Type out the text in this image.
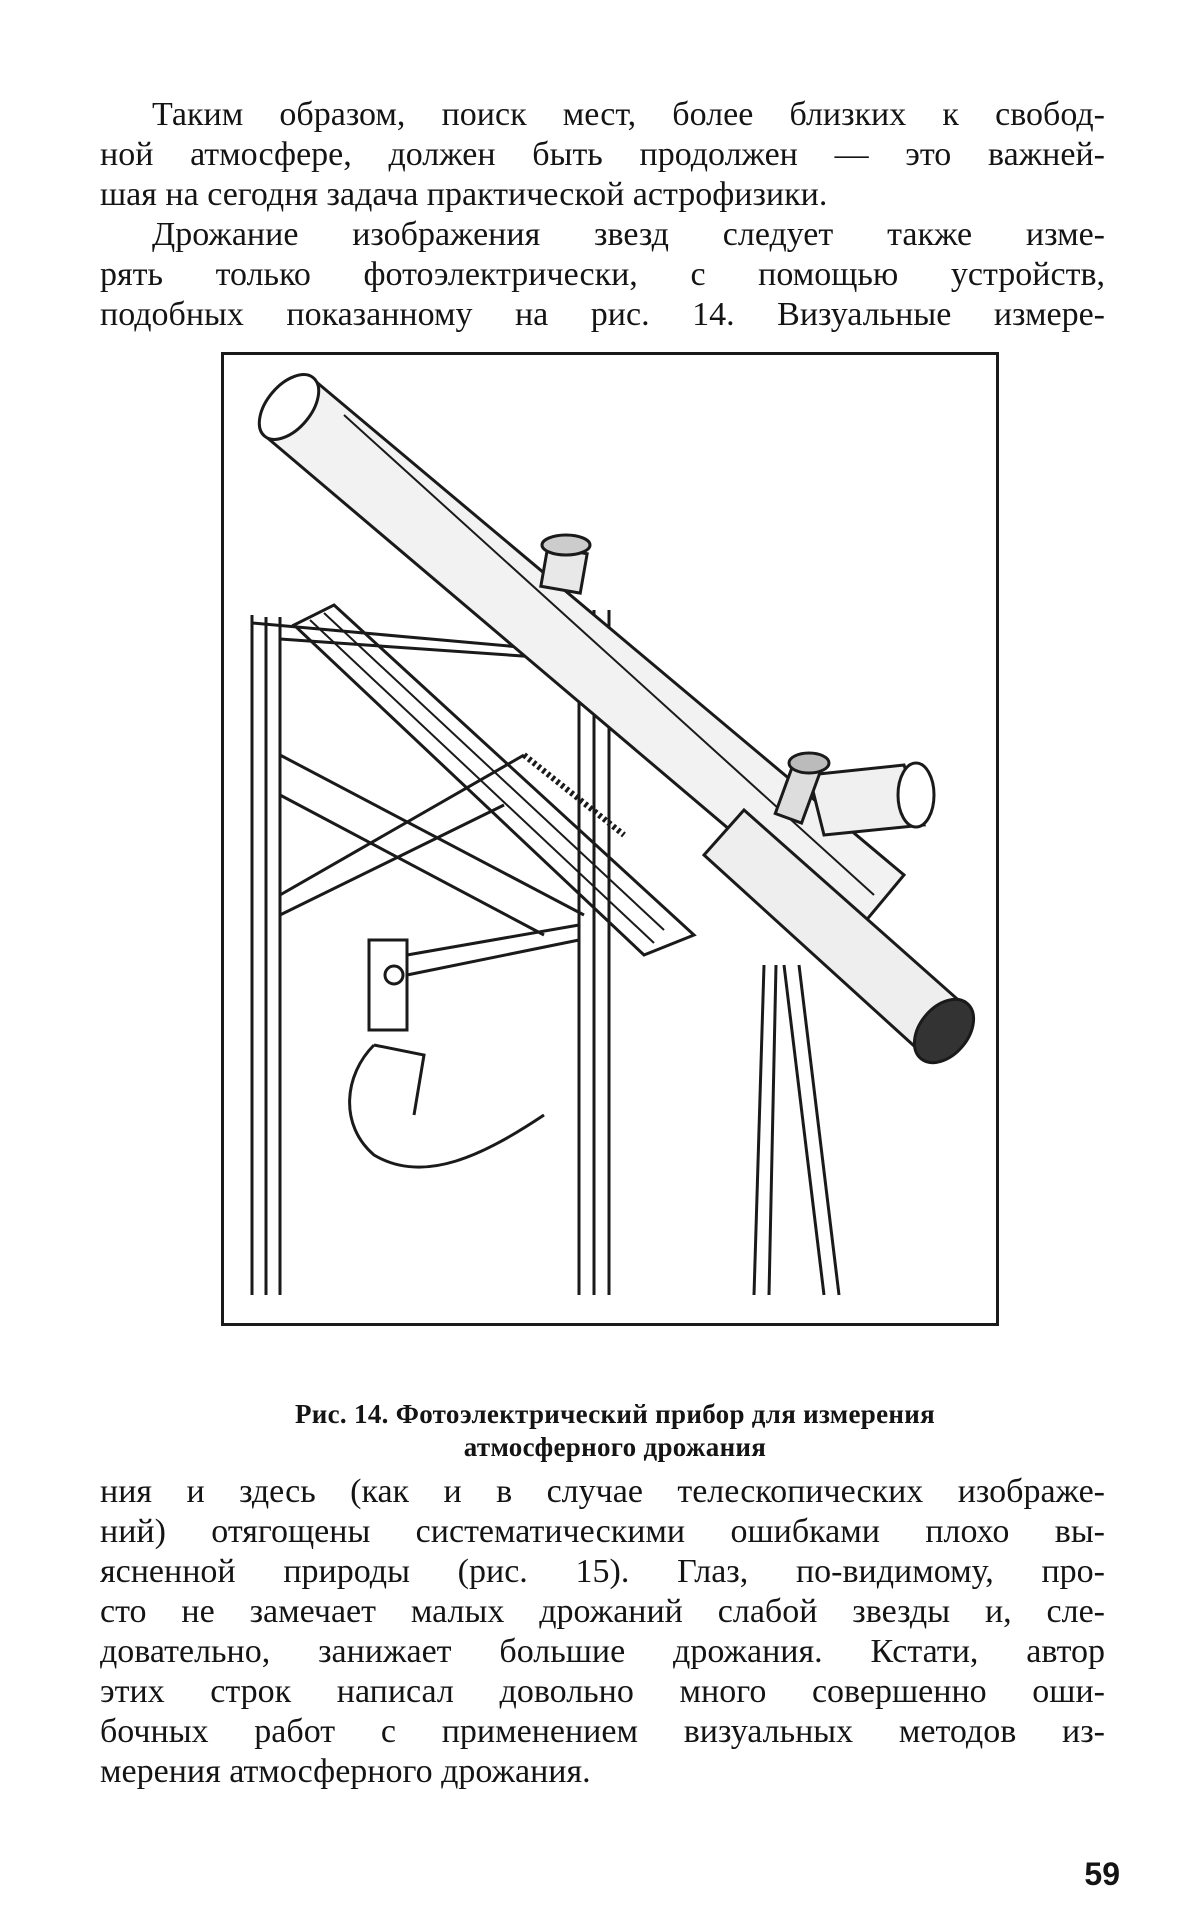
Таким образом, поиск мест, более близких к свобод-
ной атмосфере, должен быть продолжен — это важней-
шая на сегодня задача практической астрофизики.

Дрожание изображения звезд следует также изме-
рять только фотоэлектрически, с помощью устройств,
подобных показанному на рис. 14. Визуальные измере-

Рис. 14. Фотоэлектрический прибор для измерения
атмосферного дрожания

ния и здесь (как и в случае телескопических изображе-
ний) отягощены систематическими ошибками плохо вы-
ясненной природы (рис. 15). Глаз, по-видимому, про-
сто не замечает малых дрожаний слабой звезды и, сле-
довательно, занижает большие дрожания. Кстати, автор
этих строк написал довольно много совершенно оши-
бочных работ с применением визуальных методов из-
мерения атмосферного дрожания.

59
